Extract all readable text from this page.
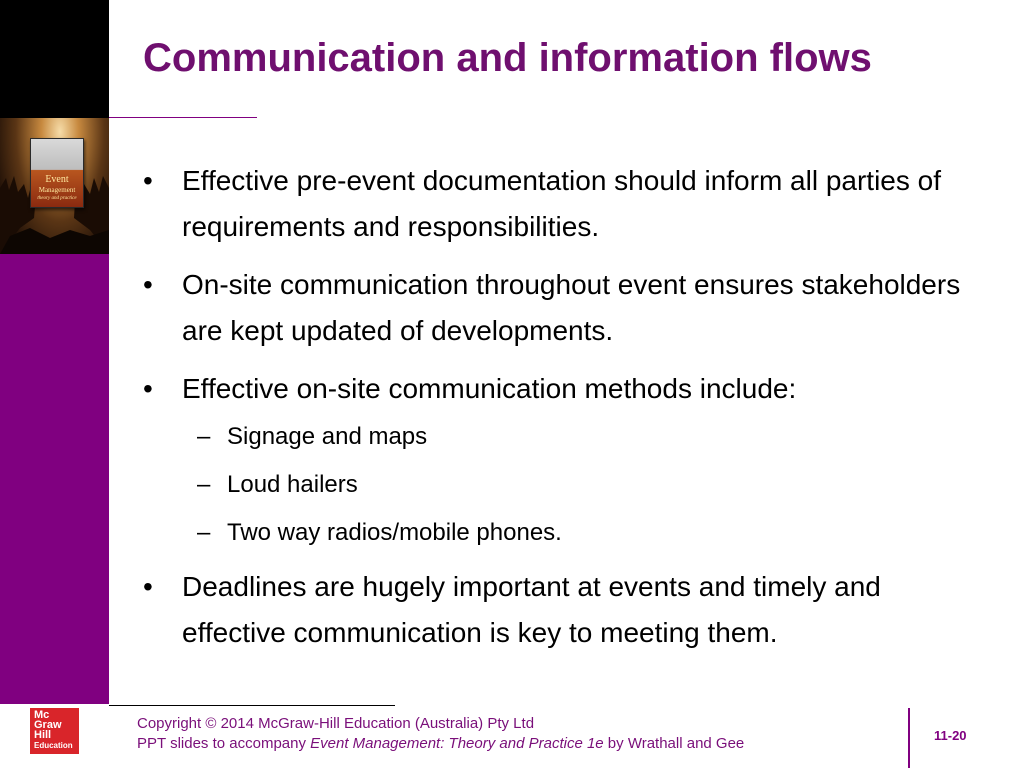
Event
Management
theory and practice
Communication and information flows
• Effective pre-event documentation should inform all parties of requirements and responsibilities.
• On-site communication throughout event ensures stakeholders are kept updated of developments.
• Effective on-site communication methods include:
– Signage and maps
– Loud hailers
– Two way radios/mobile phones.
• Deadlines are hugely important at events and timely and effective communication is key to meeting them.
Mc
Graw
Hill
Education
Copyright © 2014 McGraw-Hill Education (Australia) Pty Ltd
PPT slides to accompany Event Management: Theory and Practice 1e by Wrathall and Gee	11-20
